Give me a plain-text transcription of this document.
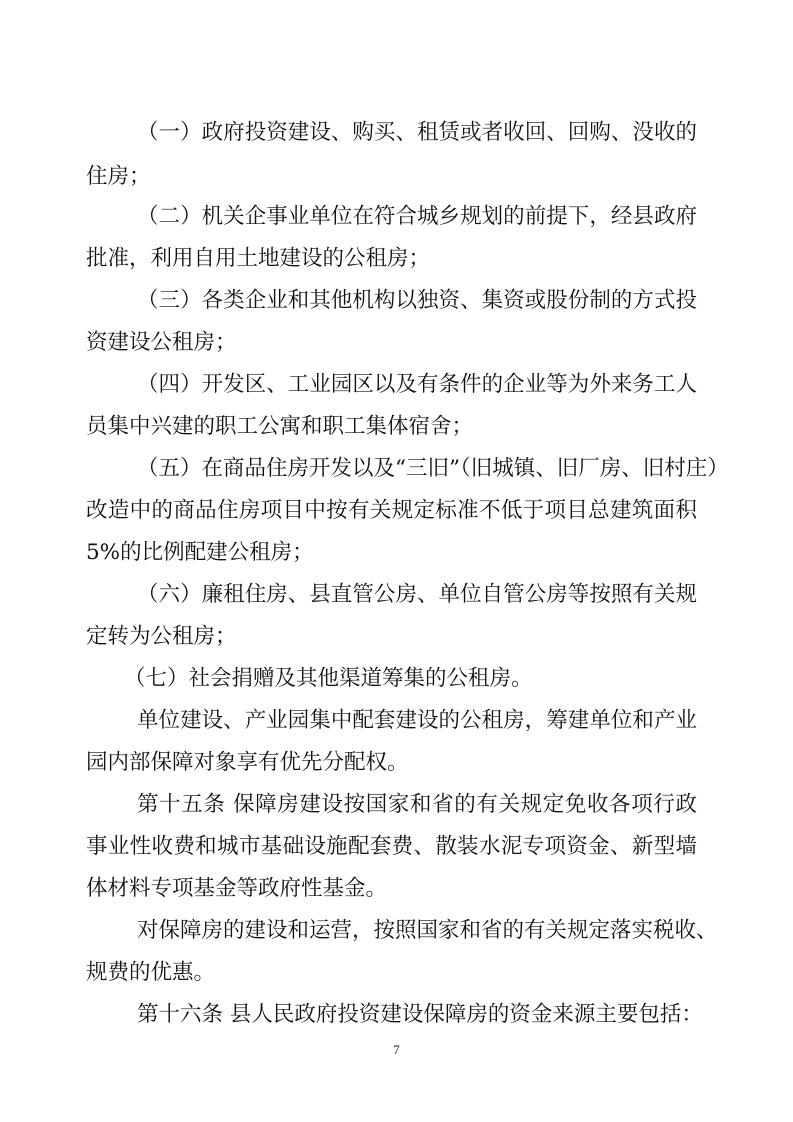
（一）政府投资建设、购买、租赁或者收回、回购、没收的

住房；

（二）机关企事业单位在符合城乡规划的前提下，经县政府

批准，利用自用土地建设的公租房；

（三）各类企业和其他机构以独资、集资或股份制的方式投

资建设公租房；

（四）开发区、工业园区以及有条件的企业等为外来务工人

员集中兴建的职工公寓和职工集体宿舍；

（五）在商品住房开发以及“三旧”（旧城镇、旧厂房、旧村庄）

改造中的商品住房项目中按有关规定标准不低于项目总建筑面积

5%的比例配建公租房；

（六）廉租住房、县直管公房、单位自管公房等按照有关规

定转为公租房；

（七）社会捐赠及其他渠道筹集的公租房。

单位建设、产业园集中配套建设的公租房，筹建单位和产业

园内部保障对象享有优先分配权。

第十五条 保障房建设按国家和省的有关规定免收各项行政

事业性收费和城市基础设施配套费、散装水泥专项资金、新型墙

体材料专项基金等政府性基金。

对保障房的建设和运营，按照国家和省的有关规定落实税收、

规费的优惠。

第十六条 县人民政府投资建设保障房的资金来源主要包括：

7
